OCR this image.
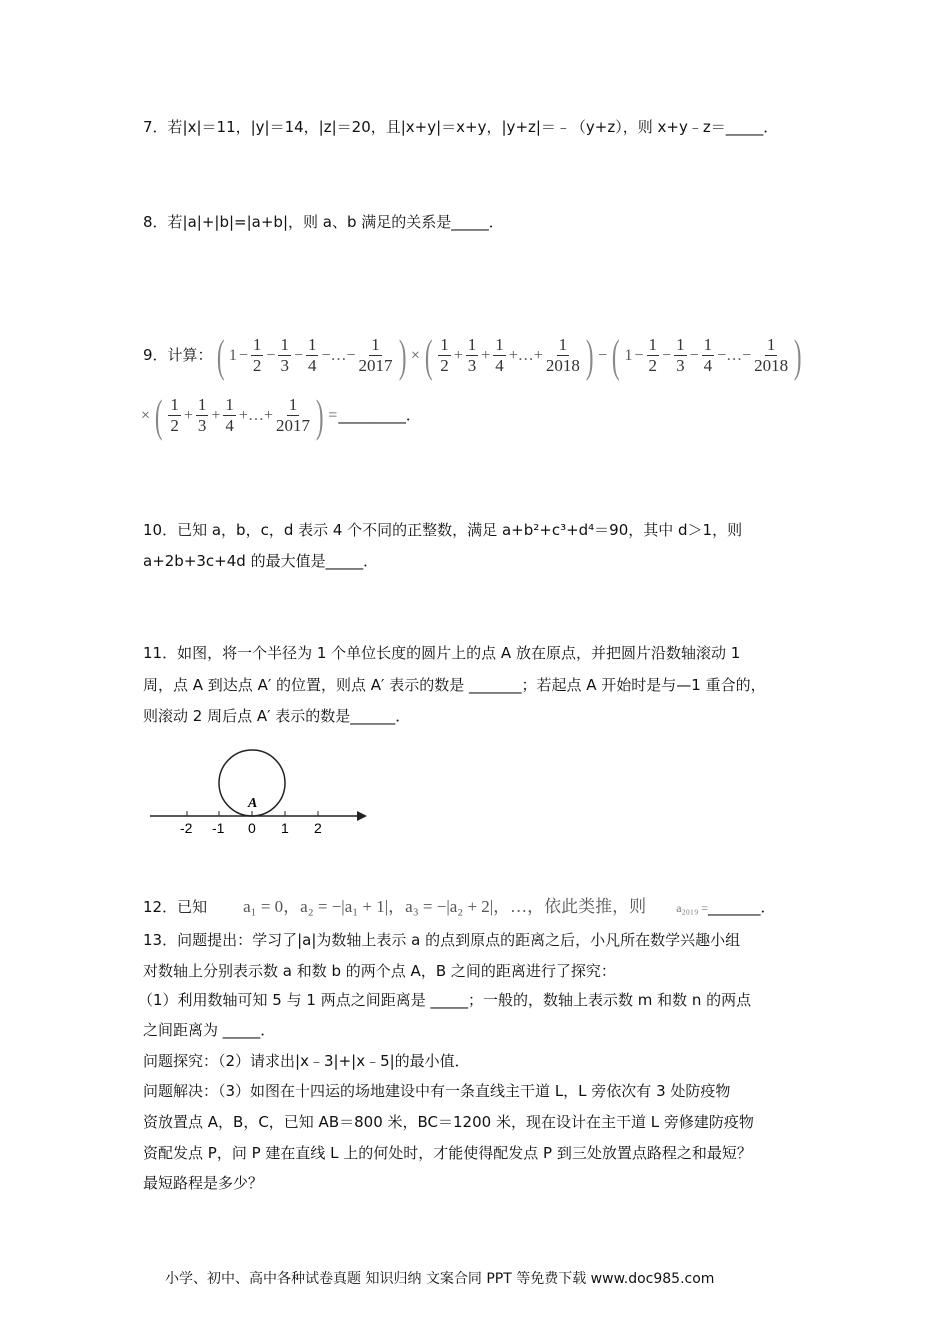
7．若|x|＝11，|y|＝14，|z|＝20，且|x+y|＝x+y，|y+z|＝﹣（y+z），则 x+y﹣z＝_____．
8．若|a|+|b|=|a+b|，则 a、b 满足的关系是_____．
9．计算：( $1 - \frac{1}{2} - \frac{1}{3} - \frac{1}{4}$ −…− $\frac{1}{2017}$ ) × ( $\frac{1}{2} + \frac{1}{3} + \frac{1}{4}$ +…+ $\frac{1}{2018}$ ) − ( $1 - \frac{1}{2} - \frac{1}{3} - \frac{1}{4}$ −…− $\frac{1}{2018}$ )
× ( $\frac{1}{2} + \frac{1}{3} + \frac{1}{4}$ +…+ $\frac{1}{2017}$ ) =_________．
10．已知 a，b，c，d 表示 4 个不同的正整数，满足 a+b²+c³+d⁴＝90，其中 d＞1，则
a+2b+3c+4d 的最大值是_____．
11．如图，将一个半径为 1 个单位长度的圆片上的点 A 放在原点，并把圆片沿数轴滚动 1
周，点 A 到达点 A′ 的位置，则点 A′ 表示的数是 _______；若起点 A 开始时是与—1 重合的，
则滚动 2 周后点 A′ 表示的数是______．
A
-2 -1 0 1 2
12．已知 a₁ = 0，a₂ = −|a₁ + 1|，a₃ = −|a₂ + 2|，…，依此类推，则	a₂₀₁₉ =_______．
13．问题提出：学习了|a|为数轴上表示 a 的点到原点的距离之后，小凡所在数学兴趣小组
对数轴上分别表示数 a 和数 b 的两个点 A，B 之间的距离进行了探究：
（1）利用数轴可知 5 与 1 两点之间距离是 _____；一般的，数轴上表示数 m 和数 n 的两点
之间距离为 _____．
问题探究：（2）请求出|x﹣3|+|x﹣5|的最小值．
问题解决：（3）如图在十四运的场地建设中有一条直线主干道 L，L 旁依次有 3 处防疫物
资放置点 A，B，C，已知 AB＝800 米，BC＝1200 米，现在设计在主干道 L 旁修建防疫物
资配发点 P，问 P 建在直线 L 上的何处时，才能使得配发点 P 到三处放置点路程之和最短？
最短路程是多少？
小学、初中、高中各种试卷真题 知识归纳 文案合同 PPT 等免费下载 www.doc985.com
